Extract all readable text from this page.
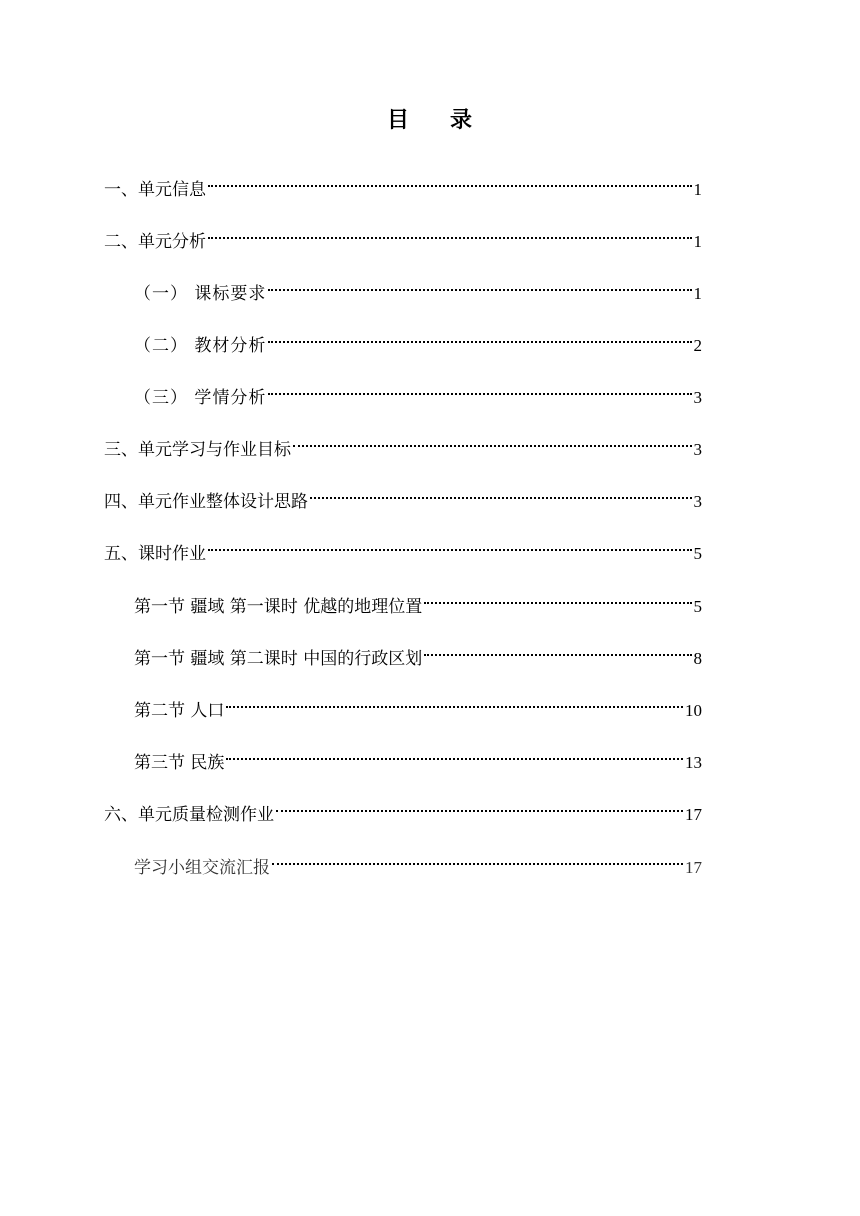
目 录
一、单元信息	1
二、单元分析	1
（一） 课标要求	1
（二） 教材分析	2
（三） 学情分析	3
三、单元学习与作业目标	3
四、单元作业整体设计思路	3
五、课时作业	5
第一节 疆域 第一课时 优越的地理位置	5
第一节 疆域 第二课时 中国的行政区划	8
第二节 人口	10
第三节 民族	13
六、单元质量检测作业	17
学习小组交流汇报	17
